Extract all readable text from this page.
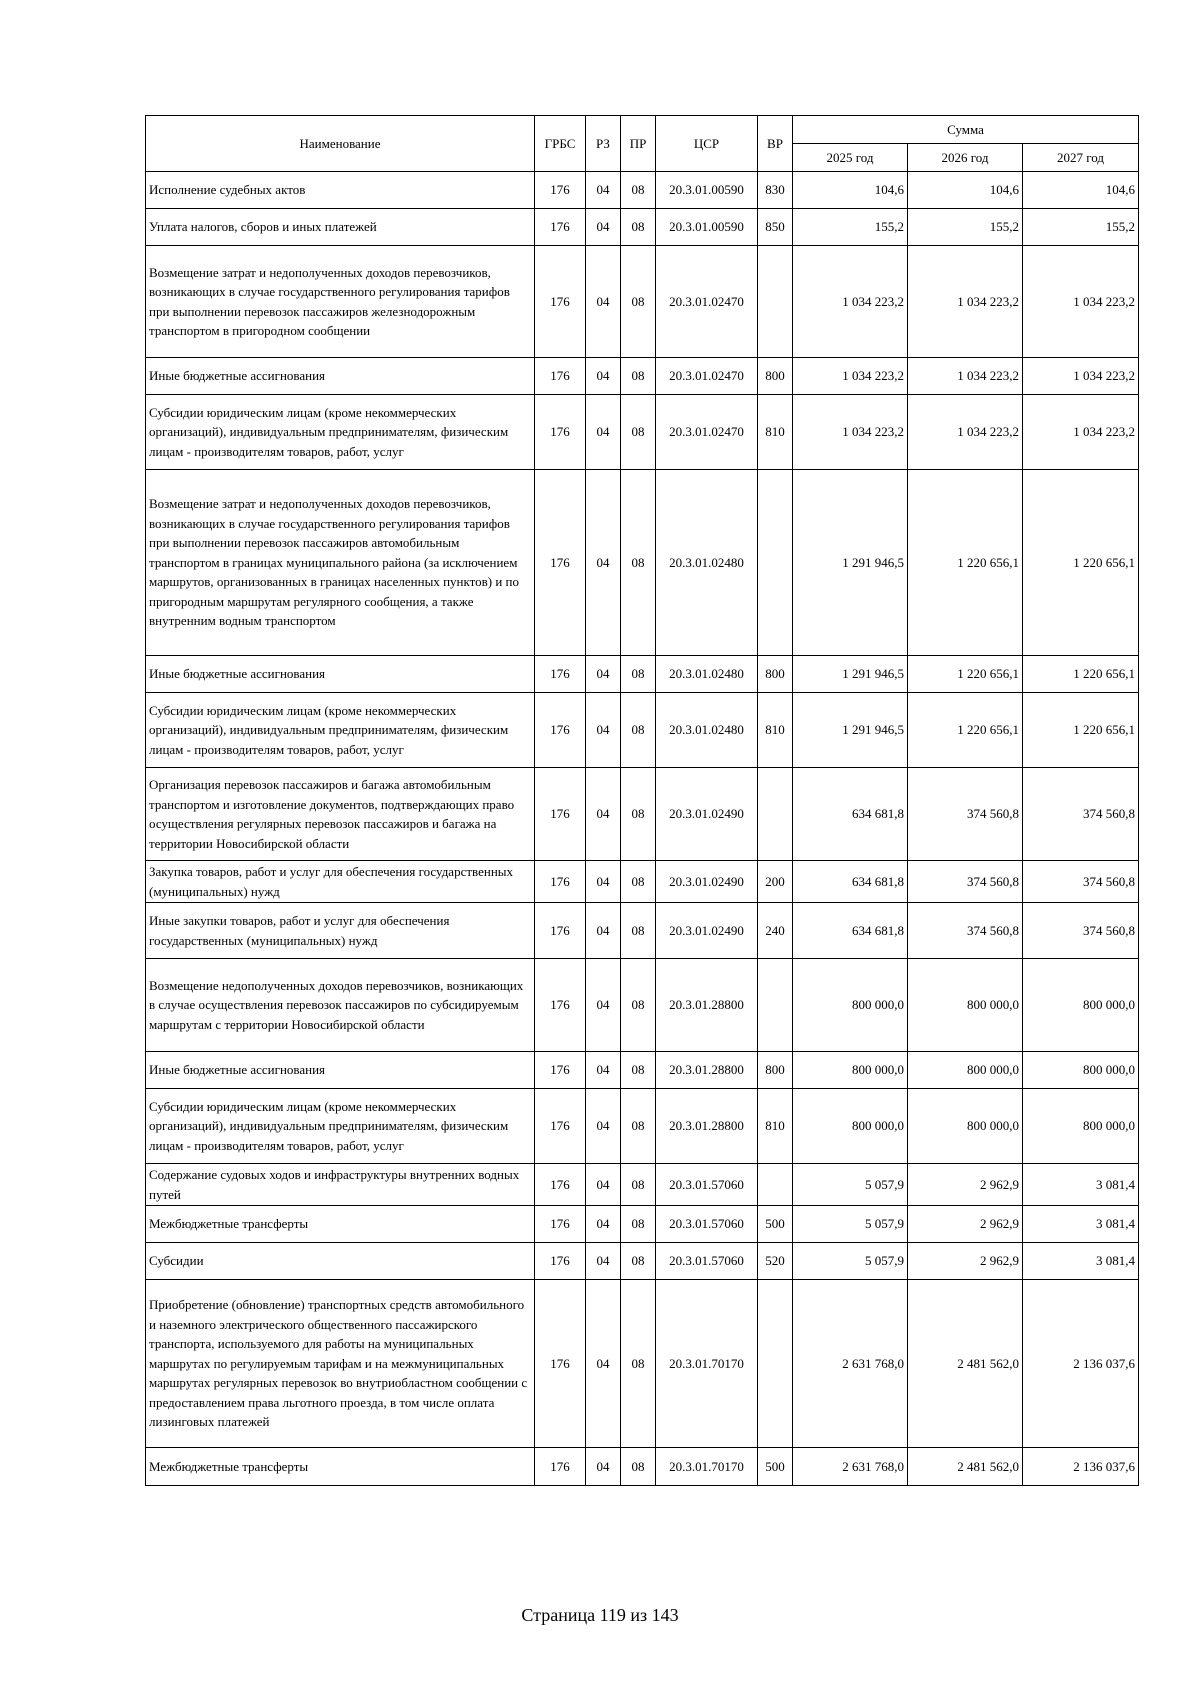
Наименование	ГРБС	РЗ	ПР	ЦСР	ВР	Сумма		
						2025 год	2026 год	2027 год
Исполнение судебных актов	176	04	08	20.3.01.00590	830	104,6	104,6	104,6
Уплата налогов, сборов и иных платежей	176	04	08	20.3.01.00590	850	155,2	155,2	155,2
Возмещение затрат и недополученных доходов перевозчиков, возникающих в случае государственного регулирования тарифов при выполнении перевозок пассажиров железнодорожным транспортом в пригородном сообщении	176	04	08	20.3.01.02470		1 034 223,2	1 034 223,2	1 034 223,2
Иные бюджетные ассигнования	176	04	08	20.3.01.02470	800	1 034 223,2	1 034 223,2	1 034 223,2
Субсидии юридическим лицам (кроме некоммерческих организаций), индивидуальным предпринимателям, физическим лицам - производителям товаров, работ, услуг	176	04	08	20.3.01.02470	810	1 034 223,2	1 034 223,2	1 034 223,2
Возмещение затрат и недополученных доходов перевозчиков, возникающих в случае государственного регулирования тарифов при выполнении перевозок пассажиров автомобильным транспортом в границах муниципального района (за исключением маршрутов, организованных в границах населенных пунктов) и по пригородным маршрутам регулярного сообщения, а также внутренним водным транспортом	176	04	08	20.3.01.02480		1 291 946,5	1 220 656,1	1 220 656,1
Иные бюджетные ассигнования	176	04	08	20.3.01.02480	800	1 291 946,5	1 220 656,1	1 220 656,1
Субсидии юридическим лицам (кроме некоммерческих организаций), индивидуальным предпринимателям, физическим лицам - производителям товаров, работ, услуг	176	04	08	20.3.01.02480	810	1 291 946,5	1 220 656,1	1 220 656,1
Организация перевозок пассажиров и багажа автомобильным транспортом и изготовление документов, подтверждающих право осуществления регулярных перевозок пассажиров и багажа на территории Новосибирской области	176	04	08	20.3.01.02490		634 681,8	374 560,8	374 560,8
Закупка товаров, работ и услуг для обеспечения государственных (муниципальных) нужд	176	04	08	20.3.01.02490	200	634 681,8	374 560,8	374 560,8
Иные закупки товаров, работ и услуг для обеспечения государственных (муниципальных) нужд	176	04	08	20.3.01.02490	240	634 681,8	374 560,8	374 560,8
Возмещение недополученных доходов перевозчиков, возникающих в случае осуществления перевозок пассажиров по субсидируемым маршрутам с территории Новосибирской области	176	04	08	20.3.01.28800		800 000,0	800 000,0	800 000,0
Иные бюджетные ассигнования	176	04	08	20.3.01.28800	800	800 000,0	800 000,0	800 000,0
Субсидии юридическим лицам (кроме некоммерческих организаций), индивидуальным предпринимателям, физическим лицам - производителям товаров, работ, услуг	176	04	08	20.3.01.28800	810	800 000,0	800 000,0	800 000,0
Содержание судовых ходов и инфраструктуры внутренних водных путей	176	04	08	20.3.01.57060		5 057,9	2 962,9	3 081,4
Межбюджетные трансферты	176	04	08	20.3.01.57060	500	5 057,9	2 962,9	3 081,4
Субсидии	176	04	08	20.3.01.57060	520	5 057,9	2 962,9	3 081,4
Приобретение (обновление) транспортных средств автомобильного и наземного электрического общественного пассажирского транспорта, используемого для работы на муниципальных маршрутах по регулируемым тарифам и на межмуниципальных маршрутах регулярных перевозок во внутриобластном сообщении с предоставлением права льготного проезда, в том числе оплата лизинговых платежей	176	04	08	20.3.01.70170		2 631 768,0	2 481 562,0	2 136 037,6
Межбюджетные трансферты	176	04	08	20.3.01.70170	500	2 631 768,0	2 481 562,0	2 136 037,6
Страница 119 из 143
